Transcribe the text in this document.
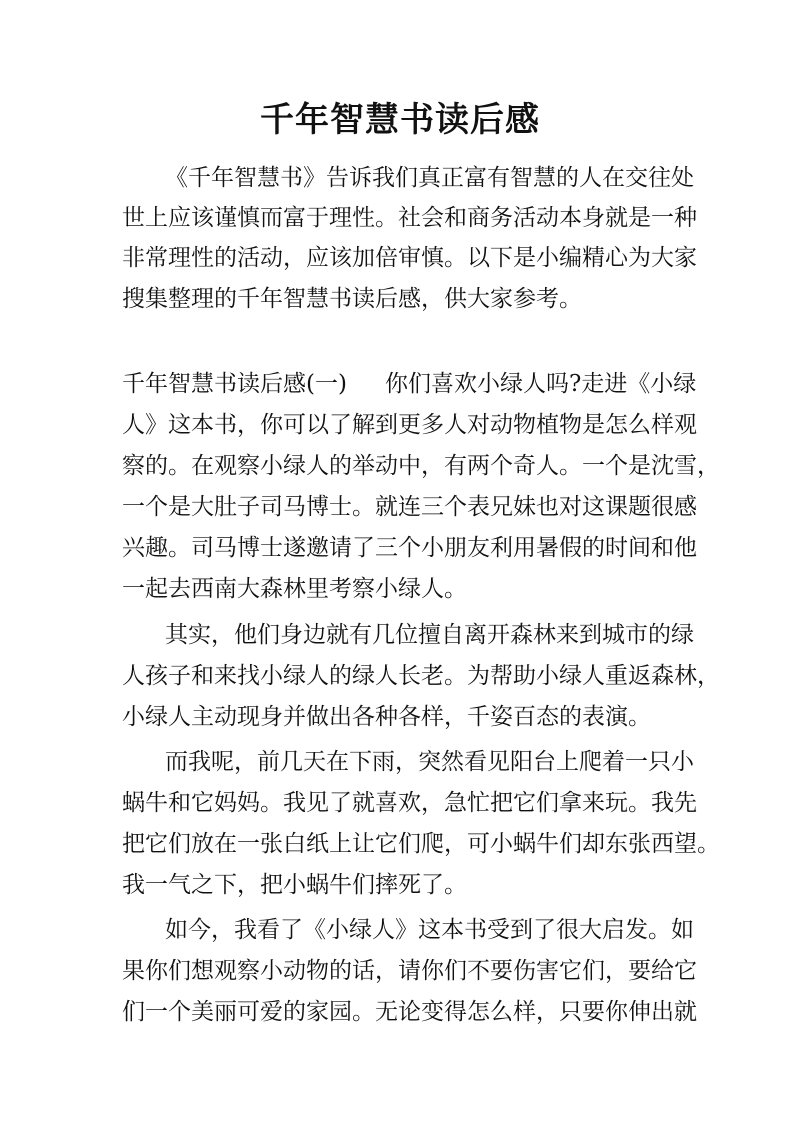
千年智慧书读后感

《千年智慧书》告诉我们真正富有智慧的人在交往处

世上应该谨慎而富于理性。社会和商务活动本身就是一种

非常理性的活动，应该加倍审慎。以下是小编精心为大家

搜集整理的千年智慧书读后感，供大家参考。

千年智慧书读后感(一) 你们喜欢小绿人吗?走进《小绿

人》这本书，你可以了解到更多人对动物植物是怎么样观

察的。在观察小绿人的举动中，有两个奇人。一个是沈雪，

一个是大肚子司马博士。就连三个表兄妹也对这课题很感

兴趣。司马博士遂邀请了三个小朋友利用暑假的时间和他

一起去西南大森林里考察小绿人。

其实，他们身边就有几位擅自离开森林来到城市的绿

人孩子和来找小绿人的绿人长老。为帮助小绿人重返森林，

小绿人主动现身并做出各种各样，千姿百态的表演。

而我呢，前几天在下雨，突然看见阳台上爬着一只小

蜗牛和它妈妈。我见了就喜欢，急忙把它们拿来玩。我先

把它们放在一张白纸上让它们爬，可小蜗牛们却东张西望。

我一气之下，把小蜗牛们摔死了。

如今，我看了《小绿人》这本书受到了很大启发。如

果你们想观察小动物的话，请你们不要伤害它们，要给它

们一个美丽可爱的家园。无论变得怎么样，只要你伸出就
